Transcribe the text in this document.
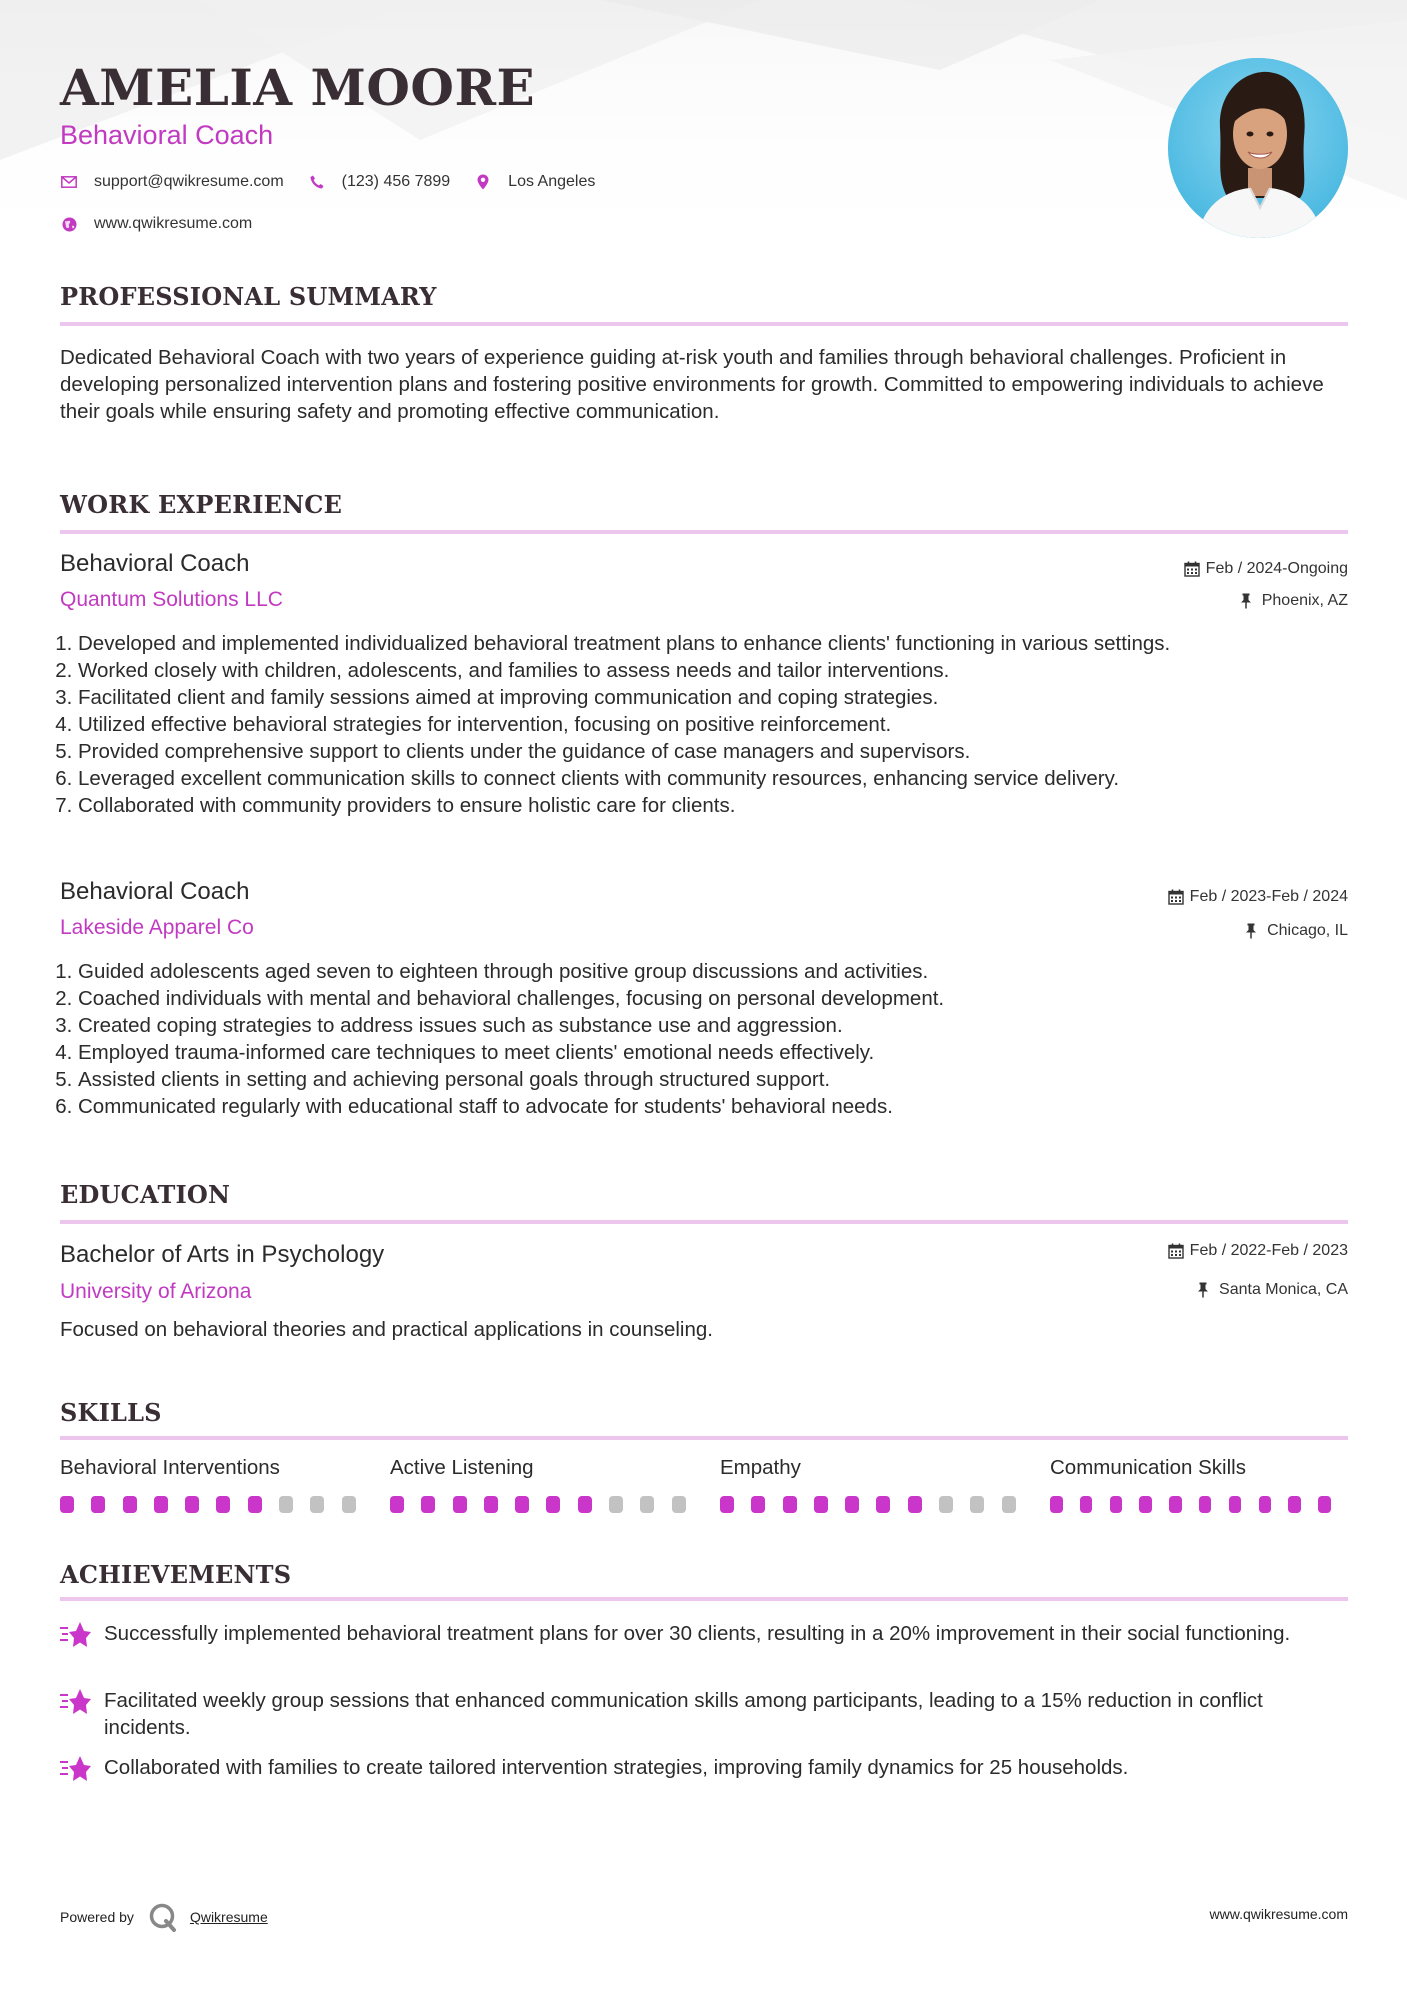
AMELIA MOORE
Behavioral Coach
support@qwikresume.com	(123) 456 7899	Los Angeles
www.qwikresume.com
PROFESSIONAL SUMMARY

Dedicated Behavioral Coach with two years of experience guiding at-risk youth and families through behavioral challenges. Proficient in developing personalized intervention plans and fostering positive environments for growth. Committed to empowering individuals to achieve their goals while ensuring safety and promoting effective communication.

WORK EXPERIENCE
Behavioral Coach	Feb / 2024-Ongoing
Quantum Solutions LLC	Phoenix, AZ
1. Developed and implemented individualized behavioral treatment plans to enhance clients' functioning in various settings.
2. Worked closely with children, adolescents, and families to assess needs and tailor interventions.
3. Facilitated client and family sessions aimed at improving communication and coping strategies.
4. Utilized effective behavioral strategies for intervention, focusing on positive reinforcement.
5. Provided comprehensive support to clients under the guidance of case managers and supervisors.
6. Leveraged excellent communication skills to connect clients with community resources, enhancing service delivery.
7. Collaborated with community providers to ensure holistic care for clients.
Behavioral Coach	Feb / 2023-Feb / 2024
Lakeside Apparel Co	Chicago, IL
1. Guided adolescents aged seven to eighteen through positive group discussions and activities.
2. Coached individuals with mental and behavioral challenges, focusing on personal development.
3. Created coping strategies to address issues such as substance use and aggression.
4. Employed trauma-informed care techniques to meet clients' emotional needs effectively.
5. Assisted clients in setting and achieving personal goals through structured support.
6. Communicated regularly with educational staff to advocate for students' behavioral needs.
EDUCATION
Bachelor of Arts in Psychology	Feb / 2022-Feb / 2023
University of Arizona	Santa Monica, CA

Focused on behavioral theories and practical applications in counseling.

SKILLS
Behavioral Interventions	Active Listening	Empathy	Communication Skills
ACHIEVEMENTS
Successfully implemented behavioral treatment plans for over 30 clients, resulting in a 20% improvement in their social functioning.
Facilitated weekly group sessions that enhanced communication skills among participants, leading to a 15% reduction in conflict incidents.
Collaborated with families to create tailored intervention strategies, improving family dynamics for 25 households.
Powered by	Qwikresume	www.qwikresume.com
